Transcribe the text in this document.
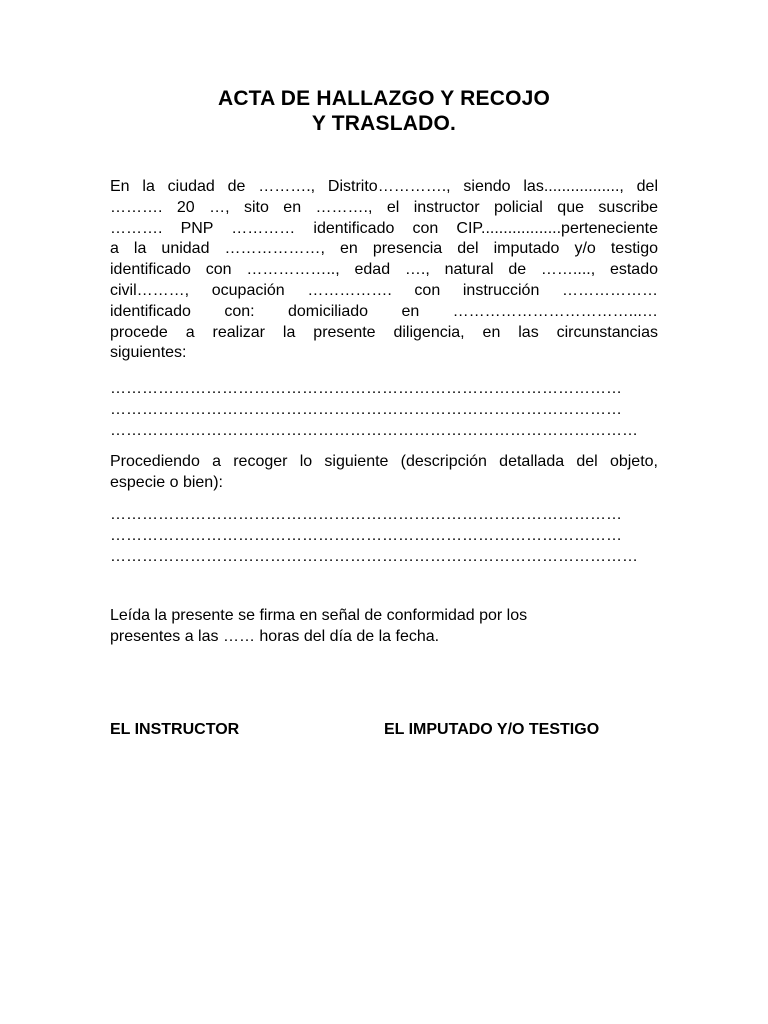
ACTA DE HALLAZGO Y RECOJO
Y TRASLADO.
En la ciudad de ………., Distrito…………., siendo las................., del
………. 20 …, sito en ………., el instructor policial que suscribe
………. PNP ………… identificado con CIP..................perteneciente
a la unidad ………………, en presencia del imputado y/o testigo
identificado con …………….., edad …., natural de ……...., estado
civil………, ocupación ……………. con instrucción ………………
identificado con: domiciliado en ……………………………...…
procede a realizar la presente diligencia, en las circunstancias
siguientes:
……………………………………………………………………………………
……………………………………………………………………………………
………………………………………………………………………………………
Procediendo a recoger lo siguiente (descripción detallada del objeto,
especie o bien):
……………………………………………………………………………………
……………………………………………………………………………………
………………………………………………………………………………………
Leída la presente se firma en señal de conformidad por los
presentes a las …… horas del día de la fecha.
EL INSTRUCTOR	EL IMPUTADO Y/O TESTIGO
